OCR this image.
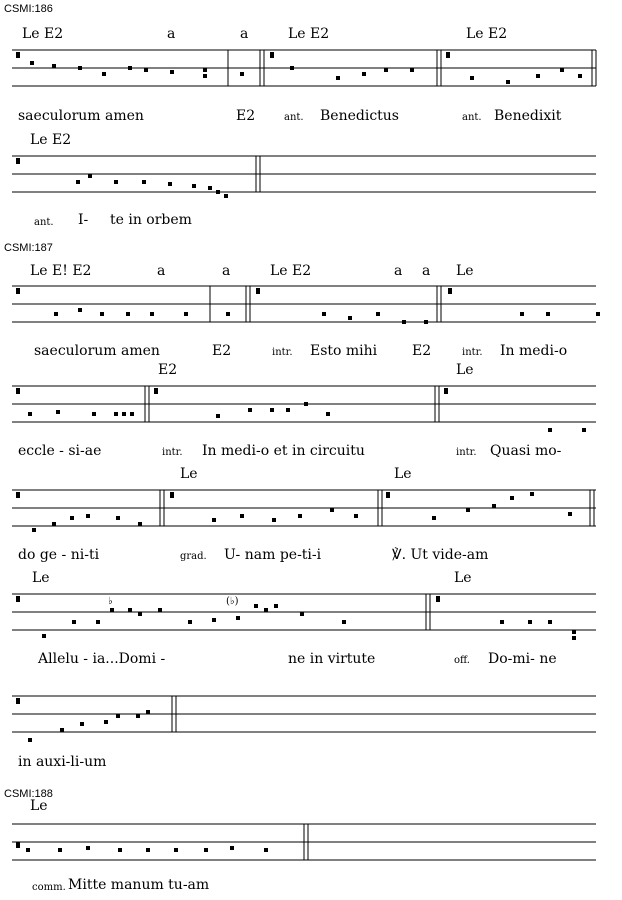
CSMI:186
Le E2	a	a	Le E2	Le E2
saeculorum amen	E2	ant. Benedictus	ant. Benedixit
Le E2
ant. I- te in orbem
CSMI:187
Le E! E2	a	a	Le E2	a a Le
saeculorum amen	E2	intr. Esto mihi E2	intr. In medi-o
E2	Le
eccle - si-ae	intr. In medi-o et in circuitu	intr. Quasi mo-
Le	Le
do ge - ni-ti	grad. U- nam pe-ti-i	℣. Ut vide-am
Le	Le
♭	(♭)
Allelu - ia...Domi -	ne in virtute	off. Do-mi- ne
in auxi-li-um
CSMI:188
Le
comm. Mitte manum tu-am
